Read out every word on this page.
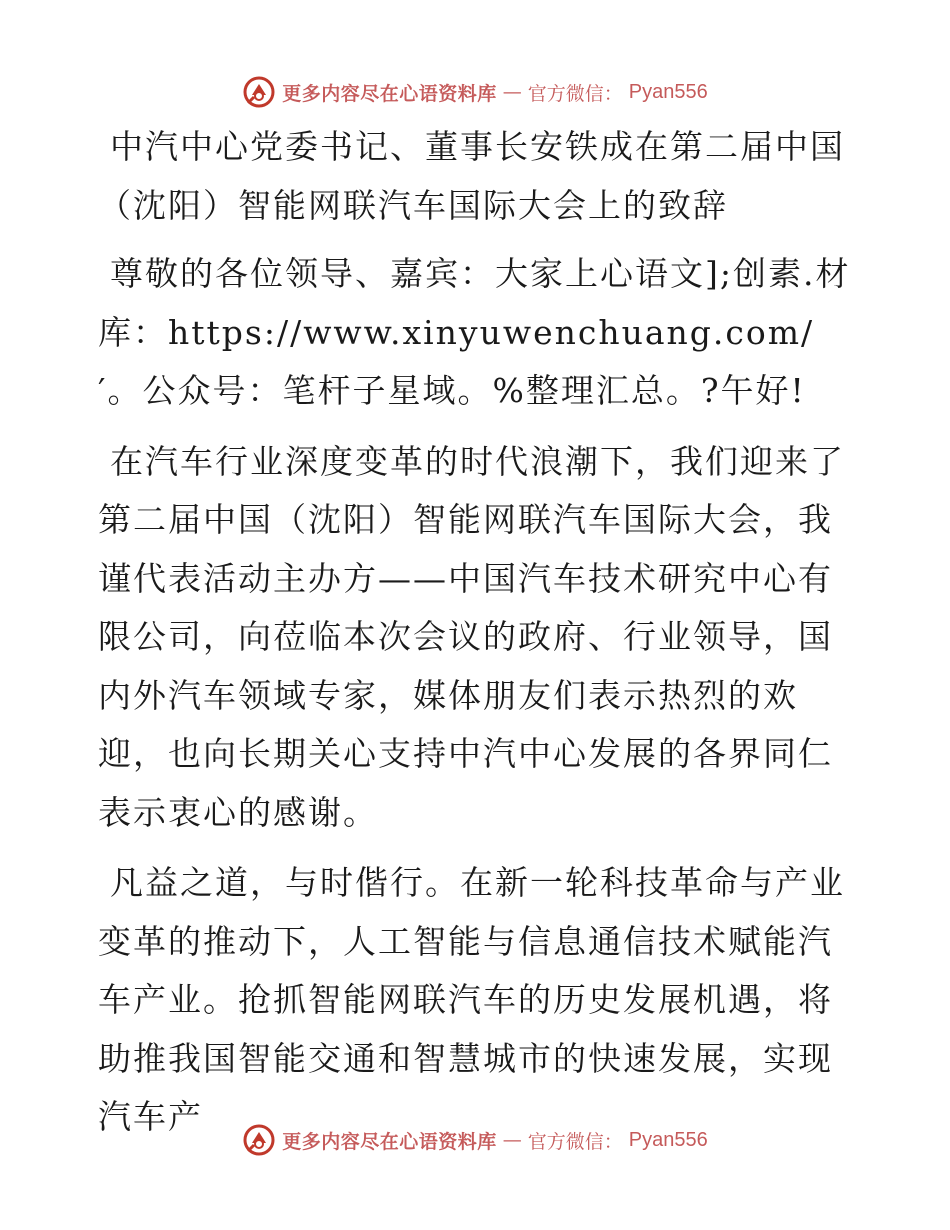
更多内容尽在心语资料库 — 官方微信： Pyan556

中汽中心党委书记、董事长安铁成在第二届中国（沈阳）智能网联汽车国际大会上的致辞

尊敬的各位领导、嘉宾：大家上心语文];创素.材库：https://www.xinyuwenchuang.com/′。公众号：笔杆子星域。%整理汇总。?午好!

在汽车行业深度变革的时代浪潮下，我们迎来了第二届中国（沈阳）智能网联汽车国际大会，我谨代表活动主办方——中国汽车技术研究中心有限公司，向莅临本次会议的政府、行业领导，国内外汽车领域专家，媒体朋友们表示热烈的欢迎，也向长期关心支持中汽中心发展的各界同仁表示衷心的感谢。

凡益之道，与时偕行。在新一轮科技革命与产业变革的推动下，人工智能与信息通信技术赋能汽车产业。抢抓智能网联汽车的历史发展机遇，将助推我国智能交通和智慧城市的快速发展，实现汽车产

更多内容尽在心语资料库 — 官方微信： Pyan556
